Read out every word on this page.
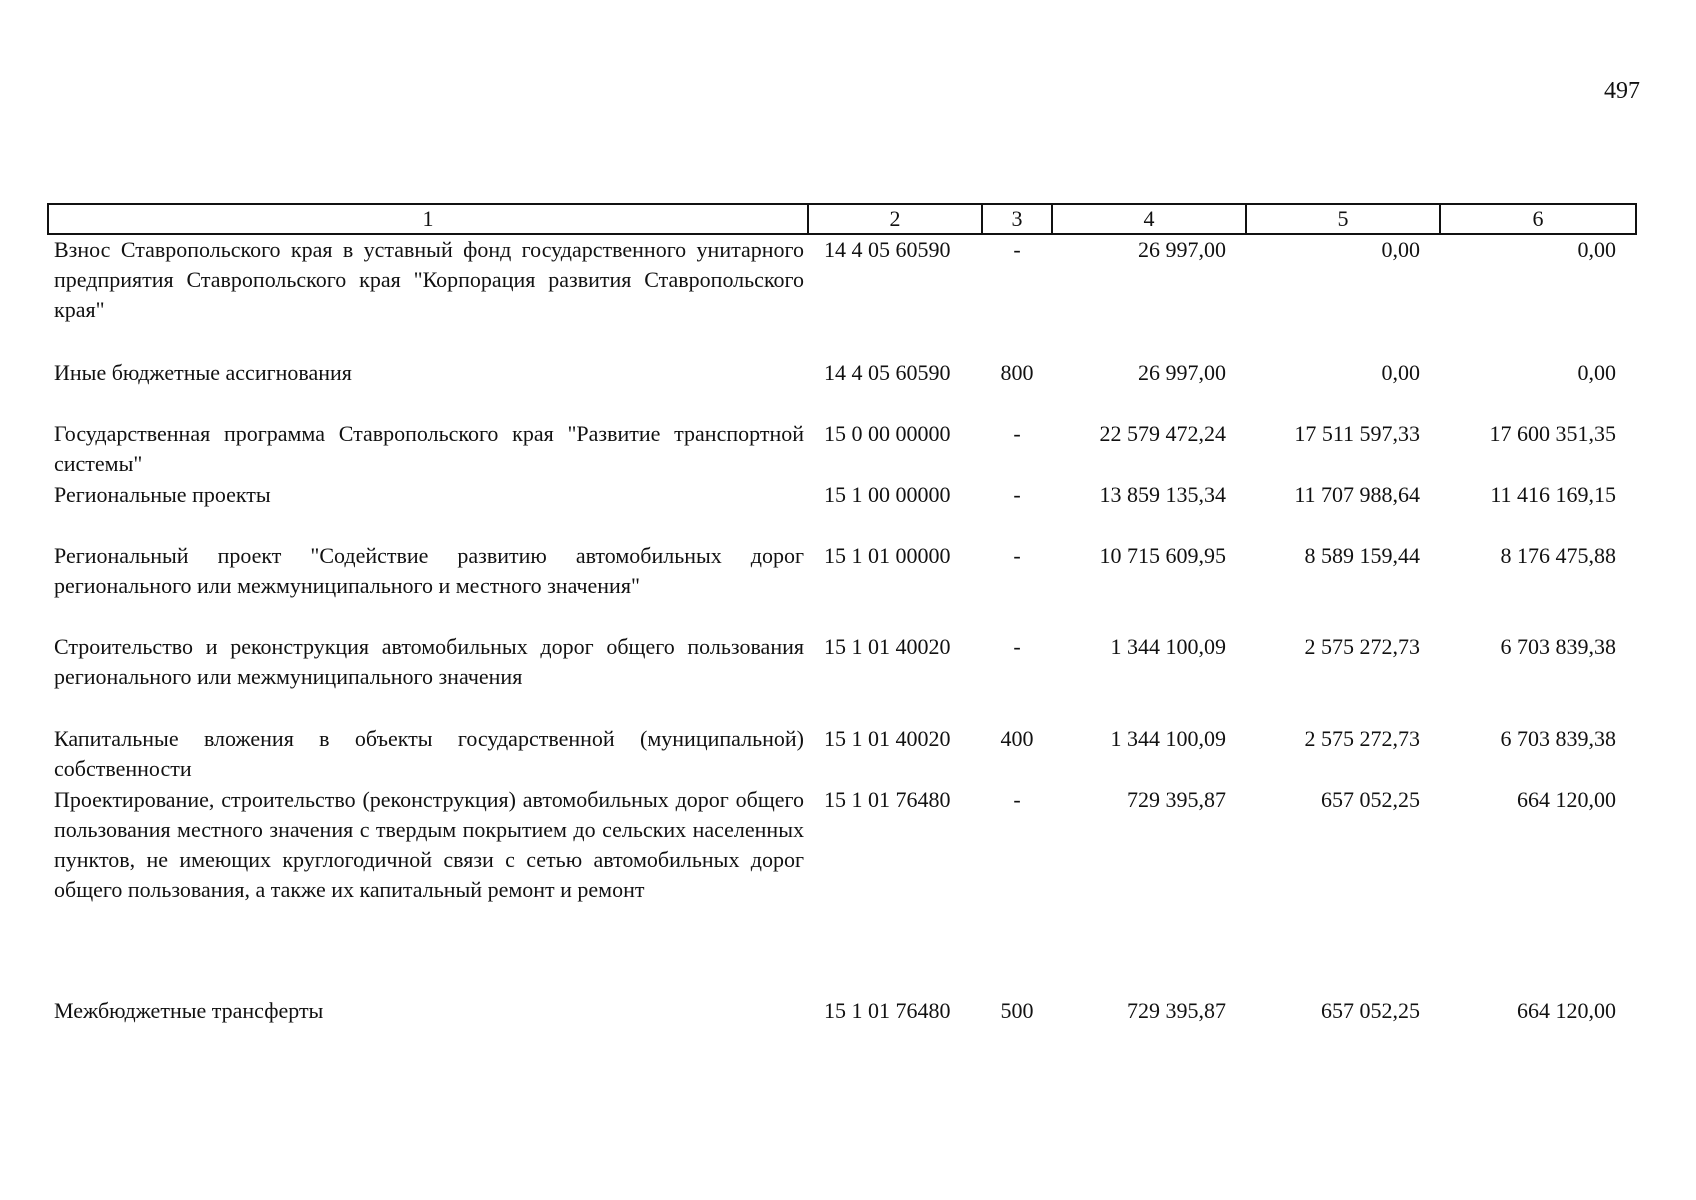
497
1	2	3	4	5	6
Взнос Ставропольского края в уставный фонд государственного унитарного предприятия Ставропольского края "Корпорация развития Ставропольского края"	14 4 05 60590	-	26 997,00	0,00	0,00
Иные бюджетные ассигнования	14 4 05 60590	800	26 997,00	0,00	0,00
Государственная программа Ставропольского края "Развитие транспортной системы"	15 0 00 00000	-	22 579 472,24	17 511 597,33	17 600 351,35
Региональные проекты	15 1 00 00000	-	13 859 135,34	11 707 988,64	11 416 169,15
Региональный проект "Содействие развитию автомобильных дорог регионального или межмуниципального и местного значения"	15 1 01 00000	-	10 715 609,95	8 589 159,44	8 176 475,88
Строительство и реконструкция автомобильных дорог общего пользования регионального или межмуниципального значения	15 1 01 40020	-	1 344 100,09	2 575 272,73	6 703 839,38
Капитальные вложения в объекты государственной (муниципальной) собственности	15 1 01 40020	400	1 344 100,09	2 575 272,73	6 703 839,38
Проектирование, строительство (реконструкция) автомобильных дорог общего пользования местного значения с твердым покрытием до сельских населенных пунктов, не имеющих круглогодичной связи с сетью автомобильных дорог общего пользования, а также их капитальный ремонт и ремонт	15 1 01 76480	-	729 395,87	657 052,25	664 120,00
Межбюджетные трансферты	15 1 01 76480	500	729 395,87	657 052,25	664 120,00
